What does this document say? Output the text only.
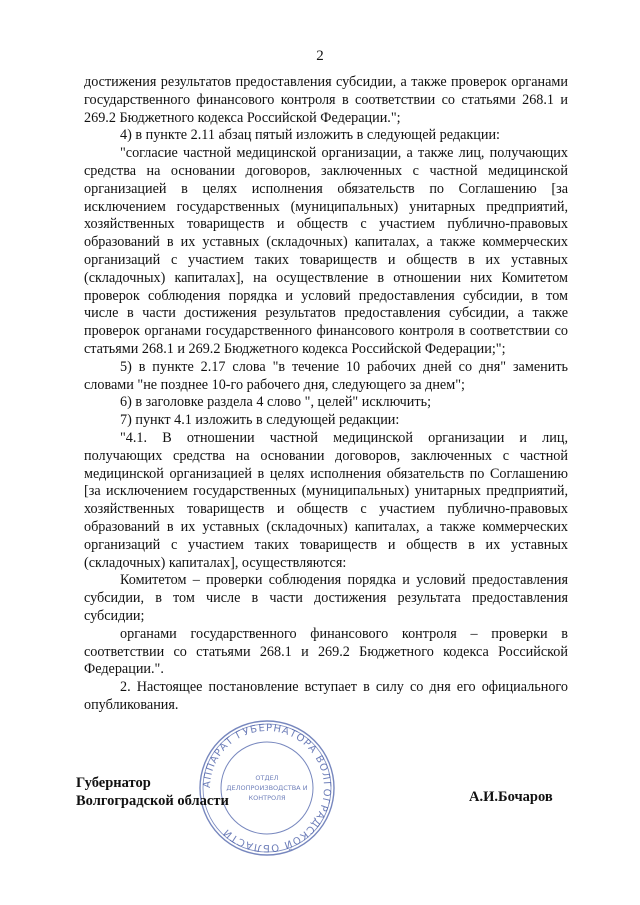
2

достижения результатов предоставления субсидии, а также проверок органами государственного финансового контроля в соответствии со статьями 268.1 и 269.2 Бюджетного кодекса Российской Федерации.";

4) в пункте 2.11 абзац пятый изложить в следующей редакции:

"согласие частной медицинской организации, а также лиц, получающих средства на основании договоров, заключенных с частной медицинской организацией в целях исполнения обязательств по Соглашению [за исключением государственных (муниципальных) унитарных предприятий, хозяйственных товариществ и обществ с участием публично-правовых образований в их уставных (складочных) капиталах, а также коммерческих организаций с участием таких товариществ и обществ в их уставных (складочных) капиталах], на осуществление в отношении них Комитетом проверок соблюдения порядка и условий предоставления субсидии, в том числе в части достижения результатов предоставления субсидии, а также проверок органами государственного финансового контроля в соответствии со статьями 268.1 и 269.2 Бюджетного кодекса Российской Федерации;";

5) в пункте 2.17 слова "в течение 10 рабочих дней со дня" заменить словами "не позднее 10-го рабочего дня, следующего за днем";

6) в заголовке раздела 4 слово ", целей" исключить;

7) пункт 4.1 изложить в следующей редакции:

"4.1. В отношении частной медицинской организации и лиц, получающих средства на основании договоров, заключенных с частной медицинской организацией в целях исполнения обязательств по Соглашению [за исключением государственных (муниципальных) унитарных предприятий, хозяйственных товариществ и обществ с участием публично-правовых образований в их уставных (складочных) капиталах, а также коммерческих организаций с участием таких товариществ и обществ в их уставных (складочных) капиталах], осуществляются:

Комитетом – проверки соблюдения порядка и условий предоставления субсидии, в том числе в части достижения результата предоставления субсидии;

органами государственного финансового контроля – проверки в соответствии со статьями 268.1 и 269.2 Бюджетного кодекса Российской Федерации.".

2. Настоящее постановление вступает в силу со дня его официального опубликования.

АППАРАТ ГУБЕРНАТОРА ВОЛГОГРАДСКОЙ ОБЛАСТИ
ОТДЕЛ
ДЕЛОПРОИЗВОДСТВА И
КОНТРОЛЯ
Губернатор
Волгоградской области	А.И.Бочаров
